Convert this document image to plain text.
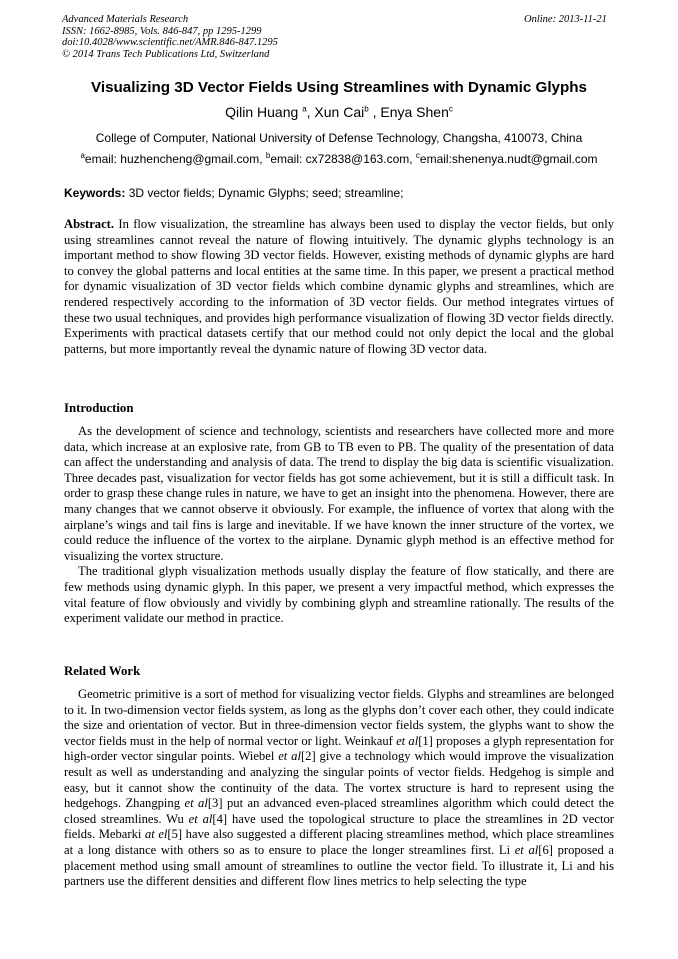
Advanced Materials Research
ISSN: 1662-8985, Vols. 846-847, pp 1295-1299
doi:10.4028/www.scientific.net/AMR.846-847.1295
© 2014 Trans Tech Publications Ltd, Switzerland
Online: 2013-11-21
Visualizing 3D Vector Fields Using Streamlines with Dynamic Glyphs
Qilin Huang $^a$, Xun Cai$^b$ , Enya Shen$^c$
College of Computer, National University of Defense Technology, Changsha, 410073, China
$^a$email: huzhencheng@gmail.com, $^b$email: cx72838@163.com, $^c$email:shenenya.nudt@gmail.com
Keywords: 3D vector fields; Dynamic Glyphs; seed; streamline;
Abstract. In flow visualization, the streamline has always been used to display the vector fields, but only using streamlines cannot reveal the nature of flowing intuitively. The dynamic glyphs technology is an important method to show flowing 3D vector fields. However, existing methods of dynamic glyphs are hard to convey the global patterns and local entities at the same time. In this paper, we present a practical method for dynamic visualization of 3D vector fields which combine dynamic glyphs and streamlines, which are rendered respectively according to the information of 3D vector fields. Our method integrates virtues of these two usual techniques, and provides high performance visualization of flowing 3D vector fields directly. Experiments with practical datasets certify that our method could not only depict the local and the global patterns, but more importantly reveal the dynamic nature of flowing 3D vector data.
Introduction

As the development of science and technology, scientists and researchers have collected more and more data, which increase at an explosive rate, from GB to TB even to PB. The quality of the presentation of data can affect the understanding and analysis of data. The trend to display the big data is scientific visualization. Three decades past, visualization for vector fields has got some achievement, but it is still a difficult task. In order to grasp these change rules in nature, we have to get an insight into the phenomena. However, there are many changes that we cannot observe it obviously. For example, the influence of vortex that along with the airplane’s wings and tail fins is large and inevitable. If we have known the inner structure of the vortex, we could reduce the influence of the vortex to the airplane. Dynamic glyph method is an effective method for visualizing the vortex structure.

The traditional glyph visualization methods usually display the feature of flow statically, and there are few methods using dynamic glyph. In this paper, we present a very impactful method, which expresses the vital feature of flow obviously and vividly by combining glyph and streamline rationally. The results of the experiment validate our method in practice.

Related Work

Geometric primitive is a sort of method for visualizing vector fields. Glyphs and streamlines are belonged to it. In two-dimension vector fields system, as long as the glyphs don’t cover each other, they could indicate the size and orientation of vector. But in three-dimension vector fields system, the glyphs want to show the vector fields must in the help of normal vector or light. Weinkauf et al[1] proposes a glyph representation for high-order vector singular points. Wiebel et al[2] give a technology which would improve the visualization result as well as understanding and analyzing the singular points of vector fields. Hedgehog is simple and easy, but it cannot show the continuity of the data. The vortex structure is hard to represent using the hedgehogs. Zhangping et al[3] put an advanced even-placed streamlines algorithm which could detect the closed streamlines. Wu et al[4] have used the topological structure to place the streamlines in 2D vector fields. Mebarki at el[5] have also suggested a different placing streamlines method, which place streamlines at a long distance with others so as to ensure to place the longer streamlines first. Li et al[6] proposed a placement method using small amount of streamlines to outline the vector field. To illustrate it, Li and his partners use the different densities and different flow lines metrics to help selecting the type
